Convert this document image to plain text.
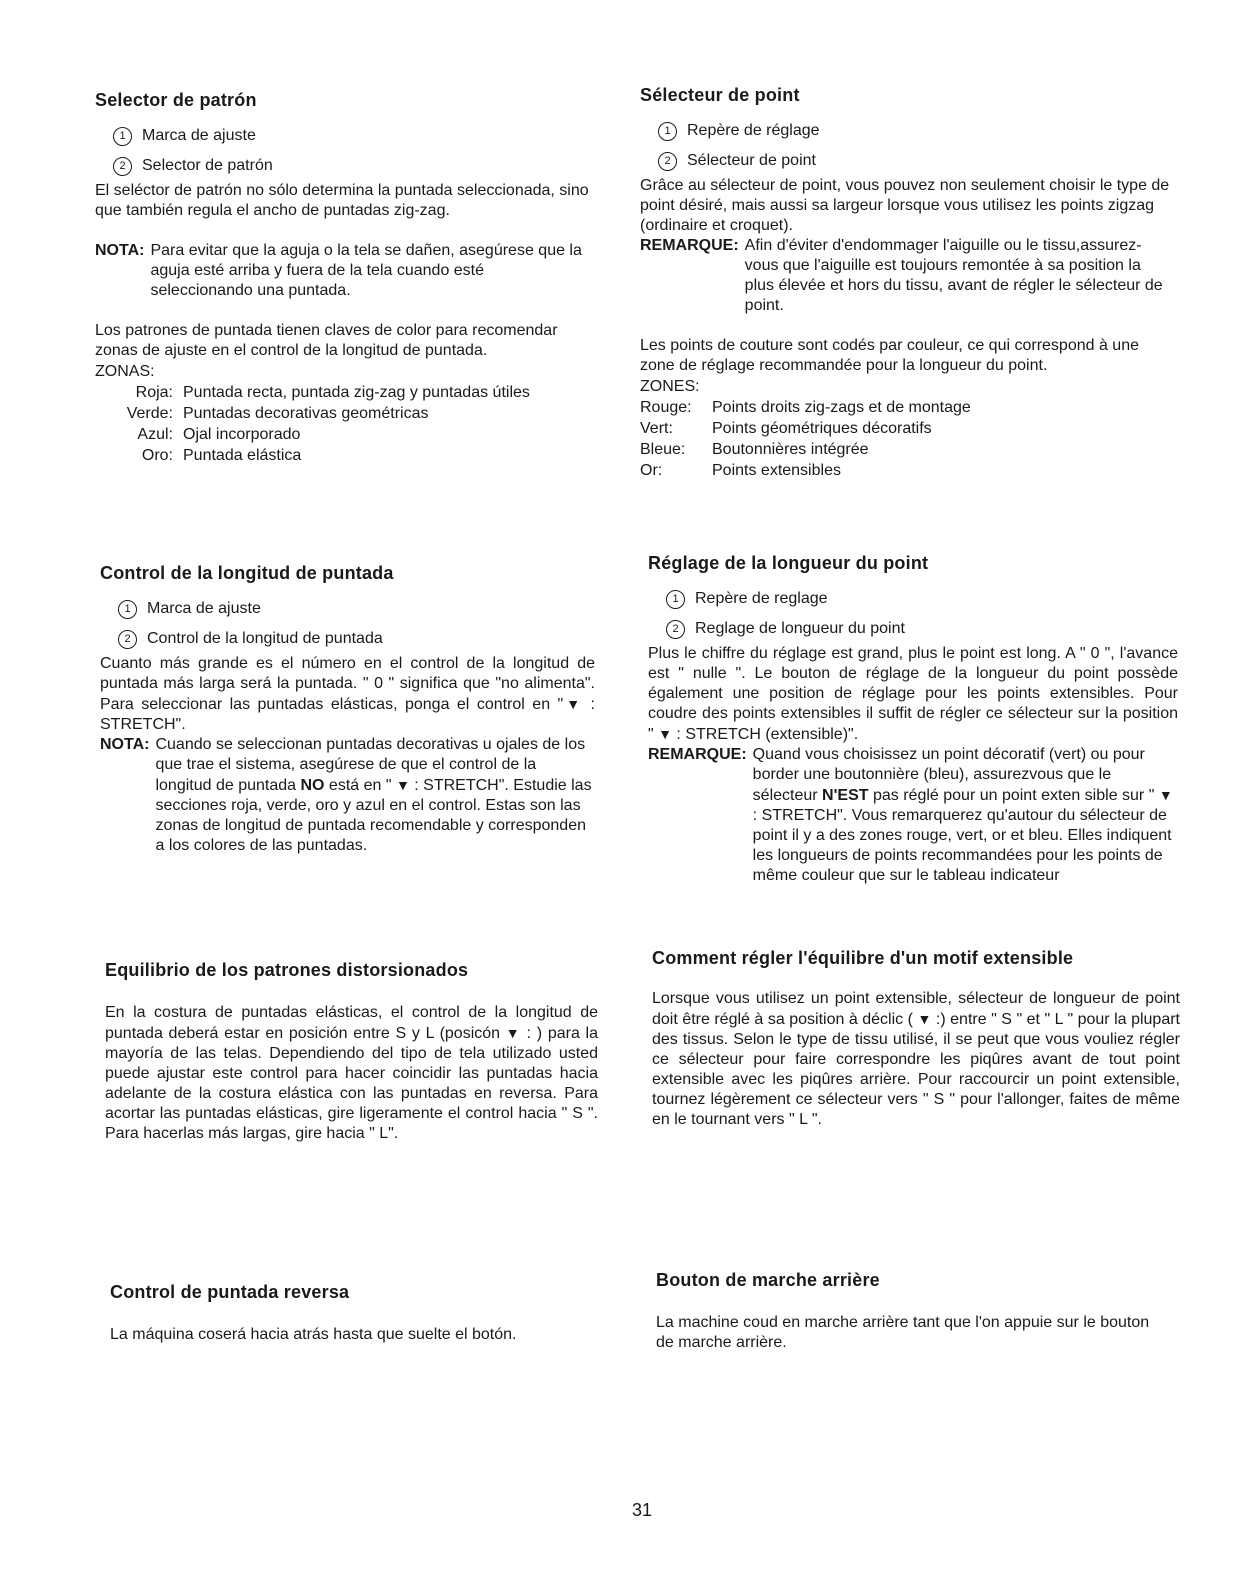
Selector de patrón
1	Marca de ajuste
2	Selector de patrón

El seléctor de patrón no sólo determina la puntada seleccionada, sino que también regula el ancho de puntadas zig-zag.

NOTA: Para evitar que la aguja o la tela se dañen, asegúrese que la aguja esté arriba y fuera de la tela cuando esté seleccionando una puntada.

Los patrones de puntada tienen claves de color para recomendar zonas de ajuste en el control de la longitud de puntada.

ZONAS:
Roja: Puntada recta, puntada zig-zag y puntadas útiles
Verde: Puntadas decorativas geométricas
Azul: Ojal incorporado
Oro: Puntada elástica
Control de la longitud de puntada
1	Marca de ajuste
2	Control de la longitud de puntada

Cuanto más grande es el número en el control de la longitud de puntada más larga será la puntada. " 0 " significa que "no alimenta". Para seleccionar las puntadas elásticas, ponga el control en "▼ : STRETCH".

NOTA: Cuando se seleccionan puntadas decorativas u ojales de los que trae el sistema, asegúrese de que el control de la longitud de puntada NO está en " ▼ : STRETCH". Estudie las secciones roja, verde, oro y azul en el control. Estas son las zonas de longitud de puntada recomendable y corresponden a los colores de las puntadas.
Equilibrio de los patrones distorsionados

En la costura de puntadas elásticas, el control de la longitud de puntada deberá estar en posición entre S y L (posicón ▼ : ) para la mayoría de las telas. Dependiendo del tipo de tela utilizado usted puede ajustar este control para hacer coincidir las puntadas hacia adelante de la costura elástica con las puntadas en reversa. Para acortar las puntadas elásticas, gire ligeramente el control hacia " S ". Para hacerlas más largas, gire hacia " L".

Control de puntada reversa

La máquina coserá hacia atrás hasta que suelte el botón.

Sélecteur de point
1	Repère de réglage
2	Sélecteur de point

Grâce au sélecteur de point, vous pouvez non seulement choisir le type de point désiré, mais aussi sa largeur lorsque vous utilisez les points zigzag (ordinaire et croquet).

REMARQUE: Afin d'éviter d'endommager l'aiguille ou le tissu,assurez-vous que l'aiguille est toujours remontée à sa position la plus élevée et hors du tissu, avant de régler le sélecteur de point.

Les points de couture sont codés par couleur, ce qui correspond à une zone de réglage recommandée pour la longueur du point.

ZONES:
Rouge:	Points droits zig-zags et de montage
Vert:	Points géométriques décoratifs
Bleue:	Boutonnières intégrée
Or:	Points extensibles
Réglage de la longueur du point
1	Repère de reglage
2	Reglage de longueur du point

Plus le chiffre du réglage est grand, plus le point est long. A " 0 ", l'avance est " nulle ". Le bouton de réglage de la longueur du point possède également une position de réglage pour les points extensibles. Pour coudre des points extensibles il suffit de régler ce sélecteur sur la position " ▼ : STRETCH (extensible)".

REMARQUE: Quand vous choisissez un point décoratif (vert) ou pour border une boutonnière (bleu), assurezvous que le sélecteur N'EST pas réglé pour un point exten sible sur " ▼ : STRETCH". Vous remarquerez qu'autour du sélecteur de point il y a des zones rouge, vert, or et bleu. Elles indiquent les longueurs de points recommandées pour les points de même couleur que sur le tableau indicateur
Comment régler l'équilibre d'un motif extensible

Lorsque vous utilisez un point extensible, sélecteur de longueur de point doit être réglé à sa position à déclic ( ▼ :) entre " S " et " L " pour la plupart des tissus. Selon le type de tissu utilisé, il se peut que vous vouliez régler ce sélecteur pour faire correspondre les piqûres avant de tout point extensible avec les piqûres arrière. Pour raccourcir un point extensible, tournez légèrement ce sélecteur vers " S " pour l'allonger, faites de même en le tournant vers " L ".

Bouton de marche arrière

La machine coud en marche arrière tant que l'on appuie sur le bouton de marche arrière.

31
